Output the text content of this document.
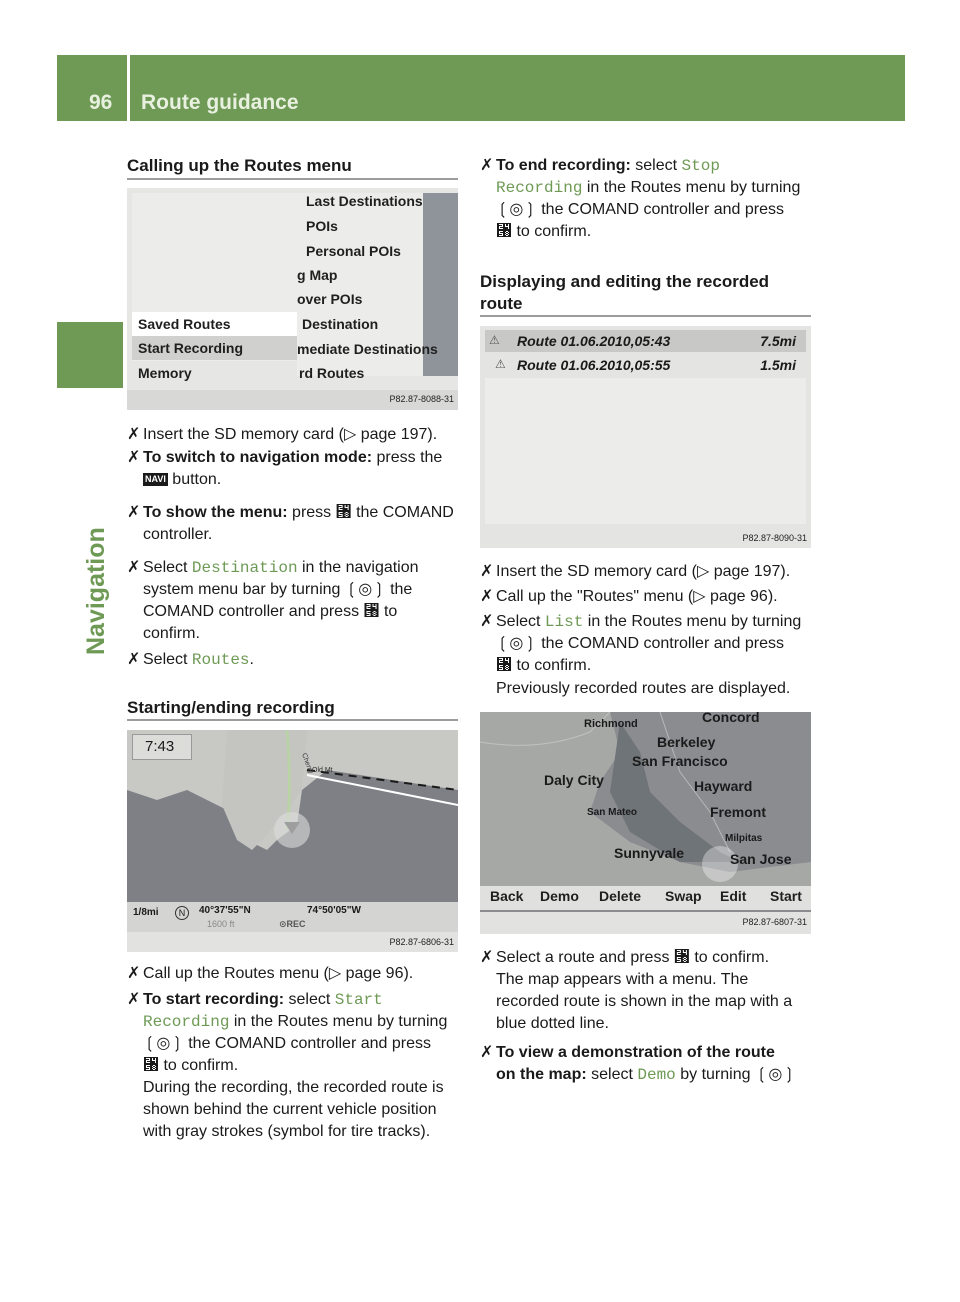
96 Route guidance
Navigation
Calling up the Routes menu
Last Destinations
POIs
Personal POIs
g Map
over POIs
Destination
mediate Destinations
rd Routes
Saved Routes
Start Recording
Memory
P82.87-8088-31
✗ Insert the SD memory card (▷ page 197).
✗ To switch to navigation mode: press the
NAVI button.
✗ To show the menu: press ⑘ the COMAND
controller.
✗ Select Destination in the navigation
system menu bar by turning ❲◎❳ the
COMAND controller and press ⑘ to
confirm.
✗ Select Routes.
Starting/ending recording
Old Mt
Cherry
7:43
1/8mi	N	40°37'55"N	74°50'05"W
1600 ft	⊙REC
P82.87-6806-31
✗ Call up the Routes menu (▷ page 96).
✗ To start recording: select Start
Recording in the Routes menu by turning
❲◎❳ the COMAND controller and press
⑘ to confirm.
During the recording, the recorded route is
shown behind the current vehicle position
with gray strokes (symbol for tire tracks).
✗ To end recording: select Stop
Recording in the Routes menu by turning
❲◎❳ the COMAND controller and press
⑘ to confirm.
Displaying and editing the recorded
route
⚠ Route 01.06.2010,05:43	7.5mi
⚠ Route 01.06.2010,05:55	1.5mi
P82.87-8090-31
✗ Insert the SD memory card (▷ page 197).
✗ Call up the "Routes" menu (▷ page 96).
✗ Select List in the Routes menu by turning
❲◎❳ the COMAND controller and press
⑘ to confirm.
Previously recorded routes are displayed.
Richmond	Concord
Berkeley
San Francisco
Daly City	Hayward
San Mateo	Fremont
Milpitas
Sunnyvale	San Jose
Back Demo Delete Swap Edit Start
P82.87-6807-31
✗ Select a route and press ⑘ to confirm.
The map appears with a menu. The
recorded route is shown in the map with a
blue dotted line.
✗ To view a demonstration of the route
on the map: select Demo by turning ❲◎❳
